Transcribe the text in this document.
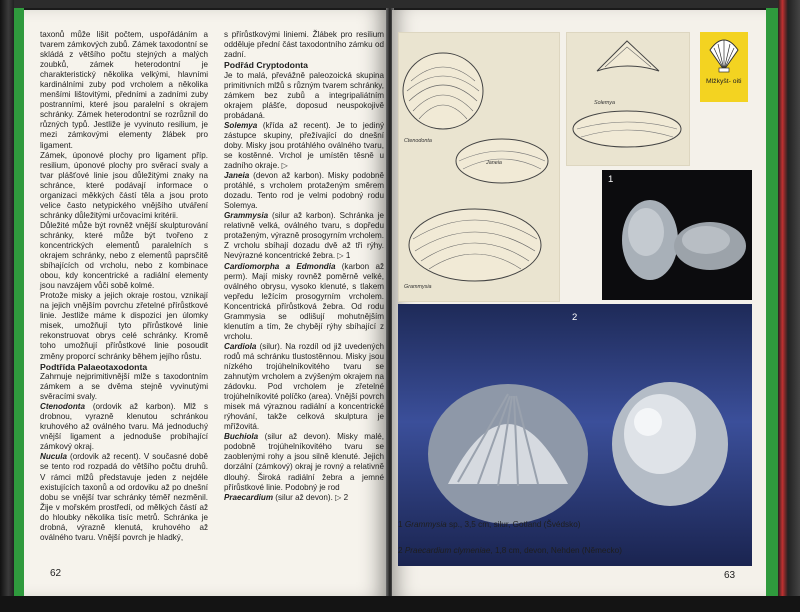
taxonů může lišit počtem, uspořádáním a tvarem zámkových zubů. Zámek taxodontní se skládá z většího počtu stejných a malých zoubků, zámek heterodontní je charakteristický několika velkými, hlavními kardinálními zuby pod vrcholem a několika menšími lištovitými, předními a zadními zuby postranními, které jsou paralelní s okrajem schránky. Zámek heterodontní se rozrůznil do různých typů. Jestliže je vyvinuto resilium, je mezi zámkovými elementy žlábek pro ligament.

Zámek, úponové plochy pro ligament příp. resilium, úponové plochy pro svěrací svaly a tvar plášťové linie jsou důležitými znaky na schránce, které podávají informace o organizaci měkkých částí těla a jsou proto velice často netypického vnějšího utváření schránky důležitými určovacími kritérii.

Důležité může být rovněž vnější skulpturování schránky, které může být tvořeno z koncentrických elementů paralelních s okrajem schránky, nebo z elementů paprsčitě sbíhajících od vrcholu, nebo z kombinace obou, kdy koncentrické a radiální elementy jsou navzájem vůči sobě kolmé.

Protože misky a jejich okraje rostou, vznikají na jejich vnějším povrchu zřetelné přírůstkové linie. Jestliže máme k dispozici jen úlomky misek, umožňují tyto přírůstkové linie rekonstruovat obrys celé schránky. Kromě toho umožňují přírůstkové linie posoudit změny proporcí schránky během jejího růstu.

Podtřída Palaeotaxodonta

Zahrnuje nejprimitivnější mlže s taxodontním zámkem a se dvěma stejně vyvinutými svěracími svaly.

Ctenodonta (ordovik až karbon). Mlž s drobnou, vyrazně klenutou schránkou kruhového až oválného tvaru. Má jednoduchý vnější ligament a jednoduše probíhající zámkový okraj.

Nucula (ordovik až recent). V současné době se tento rod rozpadá do většího počtu druhů. V rámci mlžů představuje jeden z nejdéle existujících taxonů a od ordoviku až po dnešní dobu se vnější tvar schránky téměř nezměnil. Žije v mořském prostředí, od mělkých částí až do hloubky několika tisíc metrů. Schránka je drobná, výrazně klenutá, kruhového až oválného tvaru. Vnější povrch je hladký,

s přírůstkovými liniemi. Žlábek pro resilium odděluje přední část taxodontního zámku od zadní.

Podřád Cryptodonta

Je to malá, převážně paleozoická skupina primitivních mlžů s různým tvarem schránky, zámkem bez zubů a integripaliátním okrajem plášťe, doposud neuspokojivě probádaná.

Solemya (křída až recent). Je to jediný zástupce skupiny, přežívající do dnešní doby. Misky jsou protáhlého oválného tvaru, se kostěnné. Vrchol je umístěn těsně u zadního okraje. ▷

Janeia (devon až karbon). Misky podobně protáhlé, s vrcholem protaženým směrem dozadu. Tento rod je velmi podobný rodu Solemya.

Grammysia (silur až karbon). Schránka je relativně velká, oválného tvaru, s dopředu protaženým, výrazně prosogyrním vrcholem. Z vrcholu sbíhají dozadu dvě až tři rýhy. Nevýrazné koncentrické žebra. ▷ 1

Cardiomorpha a Edmondia (karbon až perm). Mají misky rovněž poměrně velké, oválného obrysu, vysoko klenuté, s tlakem vepředu ležícím prosogyrním vrcholem. Koncentrická přírůstková žebra. Od rodu Grammysia se odlišují mohutnějším klenutím a tím, že chybějí rýhy sbíhající z vrcholu.

Cardiola (silur). Na rozdíl od již uvedených rodů má schránku tlustostěnnou. Misky jsou nízkého trojúhelníkovitého tvaru se zahnutým vrcholem a zvýšeným okrajem na zádovku. Pod vrcholem je zřetelné trojúhelníkovité políčko (area). Vnější povrch misek má výraznou radiální a koncentrické rýhování, takže celková skulptura je mřížovitá.

Buchiola (silur až devon). Misky malé, podobně trojúhelníkovitého tvaru se zaoblenými rohy a jsou silně klenuté. Jejich dorzální (zámkový) okraj je rovný a relativně dlouhý. Široká radiální žebra a jemné přírůstkové linie. Podobný je rod

Praecardium (silur až devon). ▷ 2

62	63
Ctenodonta
Janeia
Solemya
Grammysia
Mlžkyšt- oiti
1
2
1 Grammysia sp., 3,5 cm, silur, Gotland (Švédsko)
2 Praecardium clymeniae, 1,8 cm, devon, Nehden (Německo)
